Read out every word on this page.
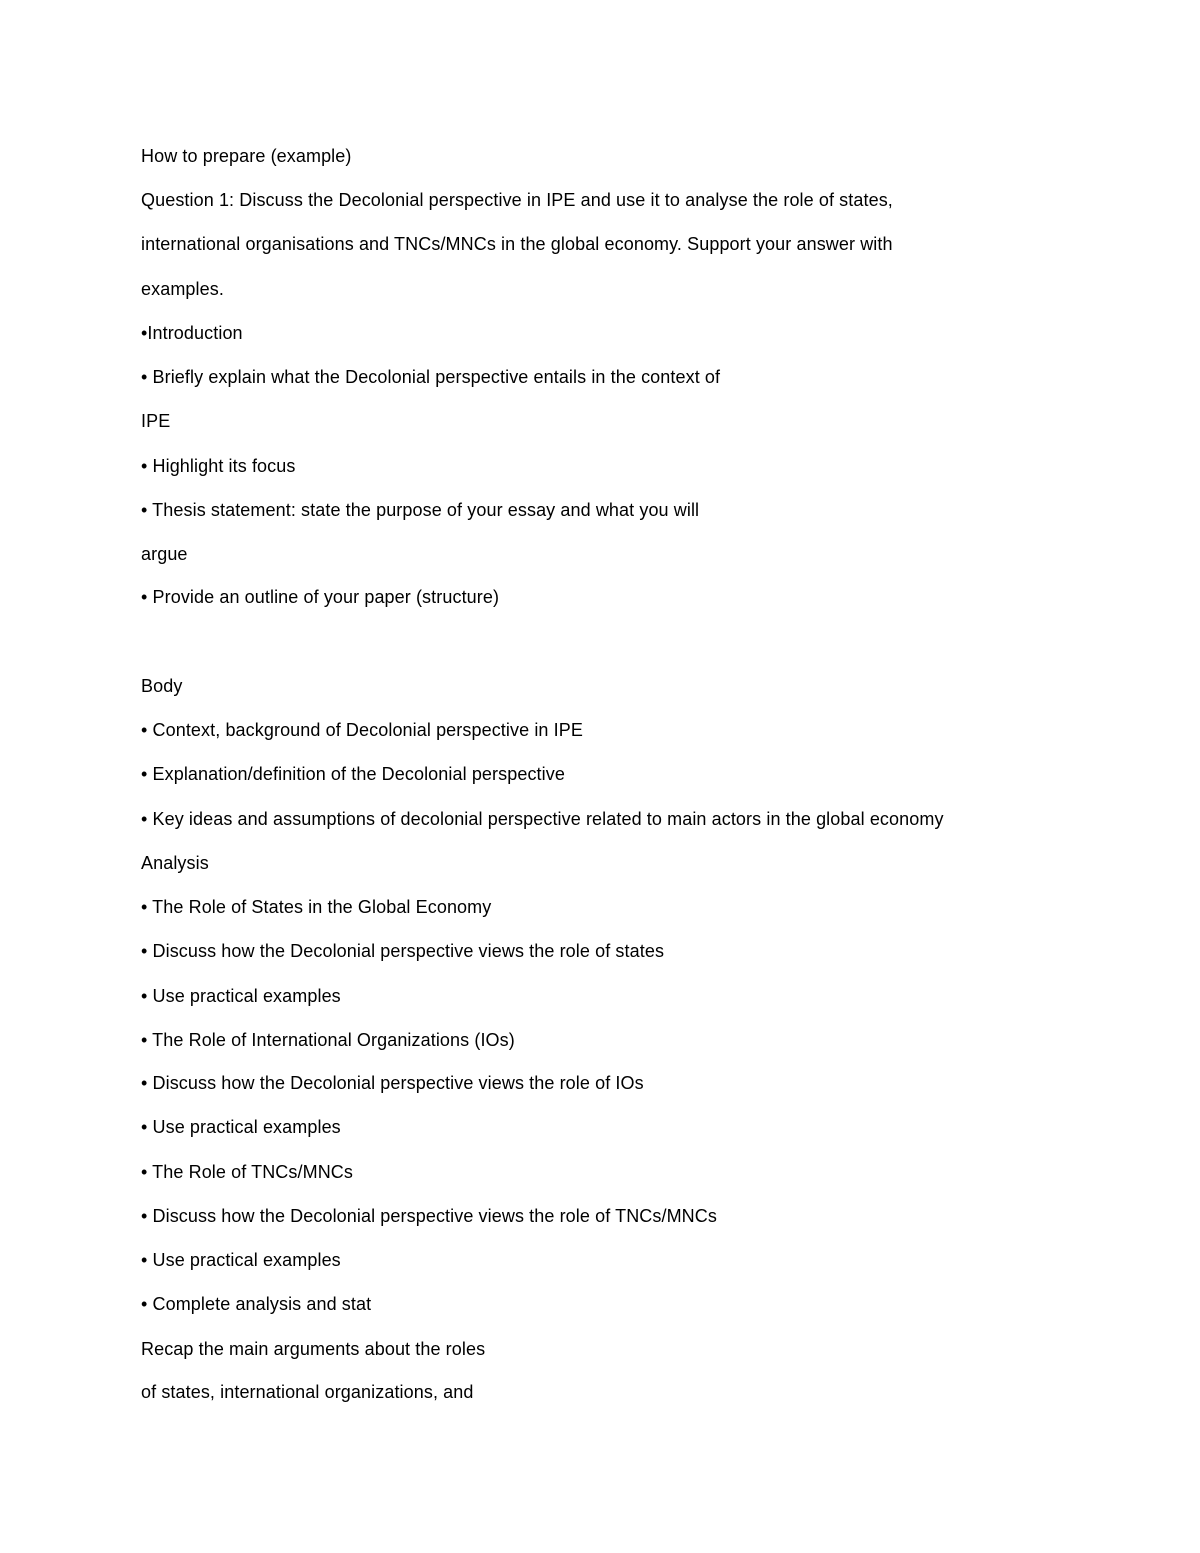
How to prepare (example)
Question 1: Discuss the Decolonial perspective in IPE and use it to analyse the role of states,
international organisations and TNCs/MNCs in the global economy. Support your answer with
examples.
•Introduction
• Briefly explain what the Decolonial perspective entails in the context of
IPE
• Highlight its focus
• Thesis statement: state the purpose of your essay and what you will
argue
• Provide an outline of your paper (structure)
Body
• Context, background of Decolonial perspective in IPE
• Explanation/definition of the Decolonial perspective
• Key ideas and assumptions of decolonial perspective related to main actors in the global economy
Analysis
• The Role of States in the Global Economy
• Discuss how the Decolonial perspective views the role of states
• Use practical examples
• The Role of International Organizations (IOs)
• Discuss how the Decolonial perspective views the role of IOs
• Use practical examples
• The Role of TNCs/MNCs
• Discuss how the Decolonial perspective views the role of TNCs/MNCs
• Use practical examples
• Complete analysis and stat
Recap the main arguments about the roles
of states, international organizations, and
